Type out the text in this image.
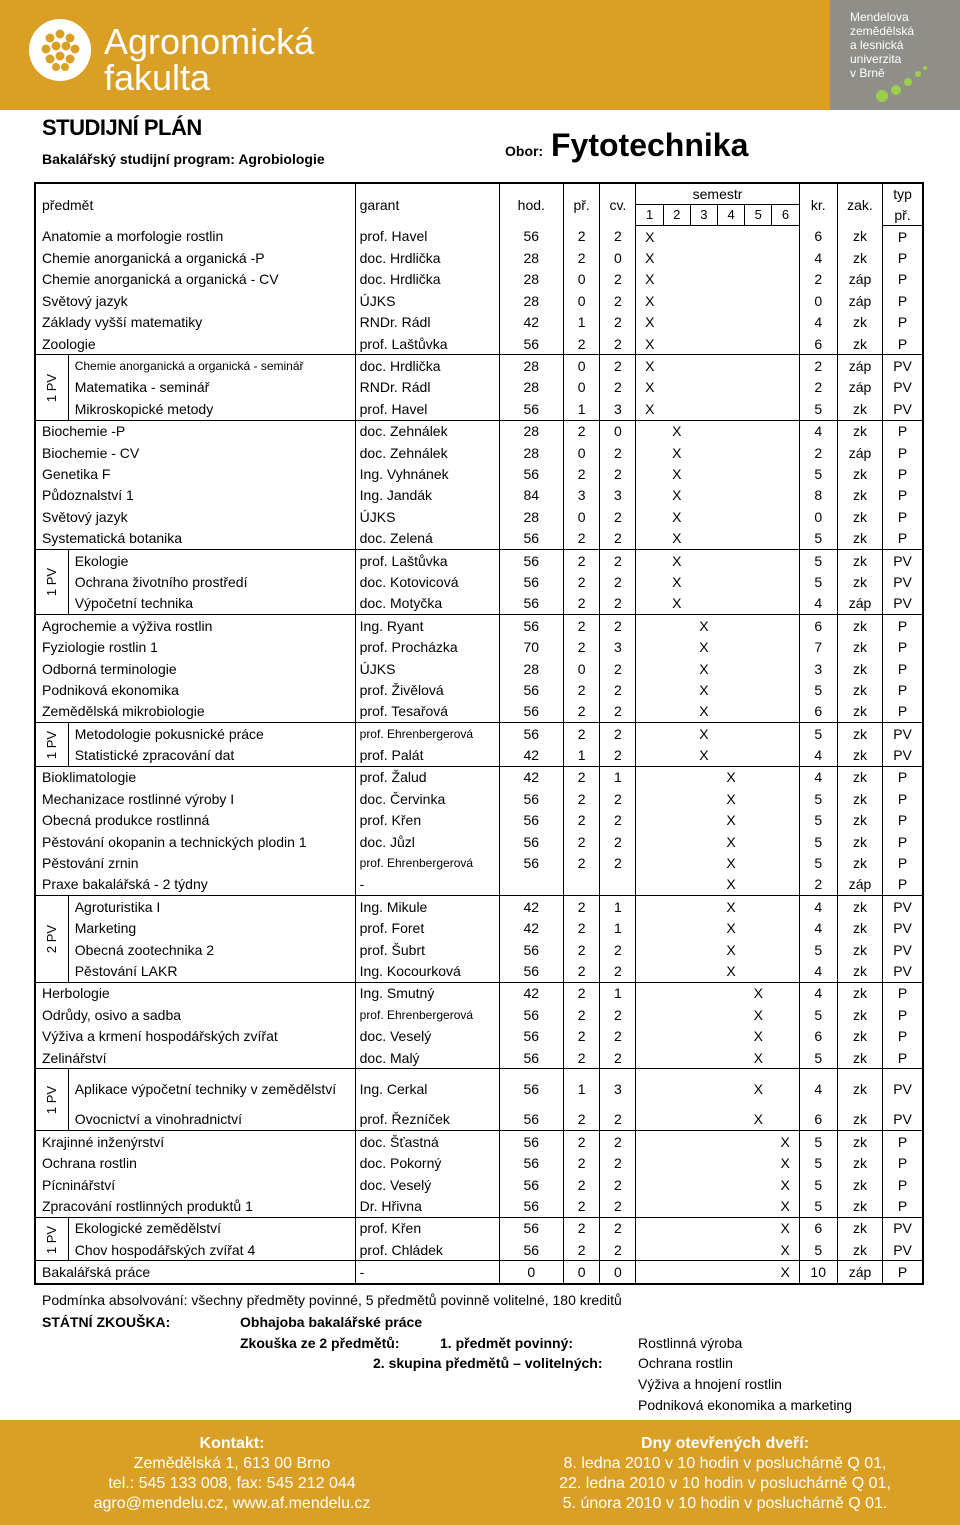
Agronomická
fakulta
Mendelova
zemědělská
a lesnická
univerzita
v Brně
STUDIJNÍ PLÁN
Bakalářský studijní program: Agrobiologie	Obor: Fytotechnika
předmět		garant	hod.	př.	cv.	semestr						kr.	zak.	typ
						1	2	3	4	5	6			př.
Anatomie a morfologie rostlin		prof. Havel	56	2	2	X						6	zk	P
Chemie anorganická a organická -P		doc. Hrdlička	28	2	0	X						4	zk	P
Chemie anorganická a organická - CV		doc. Hrdlička	28	0	2	X						2	záp	P
Světový jazyk		ÚJKS	28	0	2	X						0	záp	P
Základy vyšší matematiky		RNDr. Rádl	42	1	2	X						4	zk	P
Zoologie		prof. Laštůvka	56	2	2	X						6	zk	P
1 PV	Chemie anorganická a organická - seminář	doc. Hrdlička	28	0	2	X						2	záp	PV
	Matematika - seminář	RNDr. Rádl	28	0	2	X						2	záp	PV
	Mikroskopické metody	prof. Havel	56	1	3	X						5	zk	PV
Biochemie -P		doc. Zehnálek	28	2	0		X					4	zk	P
Biochemie - CV		doc. Zehnálek	28	0	2		X					2	záp	P
Genetika F		Ing. Vyhnánek	56	2	2		X					5	zk	P
Půdoznalství 1		Ing. Jandák	84	3	3		X					8	zk	P
Světový jazyk		ÚJKS	28	0	2		X					0	zk	P
Systematická botanika		doc. Zelená	56	2	2		X					5	zk	P
1 PV	Ekologie	prof. Laštůvka	56	2	2		X					5	zk	PV
	Ochrana životního prostředí	doc. Kotovicová	56	2	2		X					5	zk	PV
	Výpočetní technika	doc. Motyčka	56	2	2		X					4	záp	PV
Agrochemie a výživa rostlin		Ing. Ryant	56	2	2			X				6	zk	P
Fyziologie rostlin 1		prof. Procházka	70	2	3			X				7	zk	P
Odborná terminologie		ÚJKS	28	0	2			X				3	zk	P
Podniková ekonomika		prof. Živělová	56	2	2			X				5	zk	P
Zemědělská mikrobiologie		prof. Tesařová	56	2	2			X				6	zk	P
1 PV	Metodologie pokusnické práce	prof. Ehrenbergerová	56	2	2			X				5	zk	PV
	Statistické zpracování dat	prof. Palát	42	1	2			X				4	zk	PV
Bioklimatologie		prof. Žalud	42	2	1				X			4	zk	P
Mechanizace rostlinné výroby I		doc. Červinka	56	2	2				X			5	zk	P
Obecná produkce rostlinná		prof. Křen	56	2	2				X			5	zk	P
Pěstování okopanin a technických plodin 1		doc. Jůzl	56	2	2				X			5	zk	P
Pěstování zrnin		prof. Ehrenbergerová	56	2	2				X			5	zk	P
Praxe bakalářská - 2 týdny		-							X			2	záp	P
2 PV	Agroturistika I	Ing. Mikule	42	2	1				X			4	zk	PV
	Marketing	prof. Foret	42	2	1				X			4	zk	PV
	Obecná zootechnika 2	prof. Šubrt	56	2	2				X			5	zk	PV
	Pěstování LAKR	Ing. Kocourková	56	2	2				X			4	zk	PV
Herbologie		Ing. Smutný	42	2	1					X		4	zk	P
Odrůdy, osivo a sadba		prof. Ehrenbergerová	56	2	2					X		5	zk	P
Výživa a krmení hospodářských zvířat		doc. Veselý	56	2	2					X		6	zk	P
Zelinářství		doc. Malý	56	2	2					X		5	zk	P
1 PV	Aplikace výpočetní techniky v zemědělství	Ing. Cerkal	56	1	3					X		4	zk	PV
	Ovocnictví a vinohradnictví	prof. Řezníček	56	2	2					X		6	zk	PV
Krajinné inženýrství		doc. Šťastná	56	2	2						X	5	zk	P
Ochrana rostlin		doc. Pokorný	56	2	2						X	5	zk	P
Pícninářství		doc. Veselý	56	2	2						X	5	zk	P
Zpracování rostlinných produktů 1		Dr. Hřivna	56	2	2						X	5	zk	P
1 PV	Ekologické zemědělství	prof. Křen	56	2	2						X	6	zk	PV
	Chov hospodářských zvířat 4	prof. Chládek	56	2	2						X	5	zk	PV
Bakalářská práce		-	0	0	0						X	10	záp	P
Podmínka absolvování: všechny předměty povinné, 5 předmětů povinně volitelné, 180 kreditů
STÁTNÍ ZKOUŠKA:	Obhajoba bakalářské práce
Zkouška ze 2 předmětů:	1. předmět povinný:	Rostlinná výroba
2. skupina předmětů – volitelných:	Ochrana rostlin
Výživa a hnojení rostlin
Podniková ekonomika a marketing
Kontakt:
Zemědělská 1, 613 00 Brno
tel.: 545 133 008, fax: 545 212 044
agro@mendelu.cz, www.af.mendelu.cz
Dny otevřených dveří:
8. ledna 2010 v 10 hodin v posluchárně Q 01,
22. ledna 2010 v 10 hodin v posluchárně Q 01,
5. února 2010 v 10 hodin v posluchárně Q 01.
